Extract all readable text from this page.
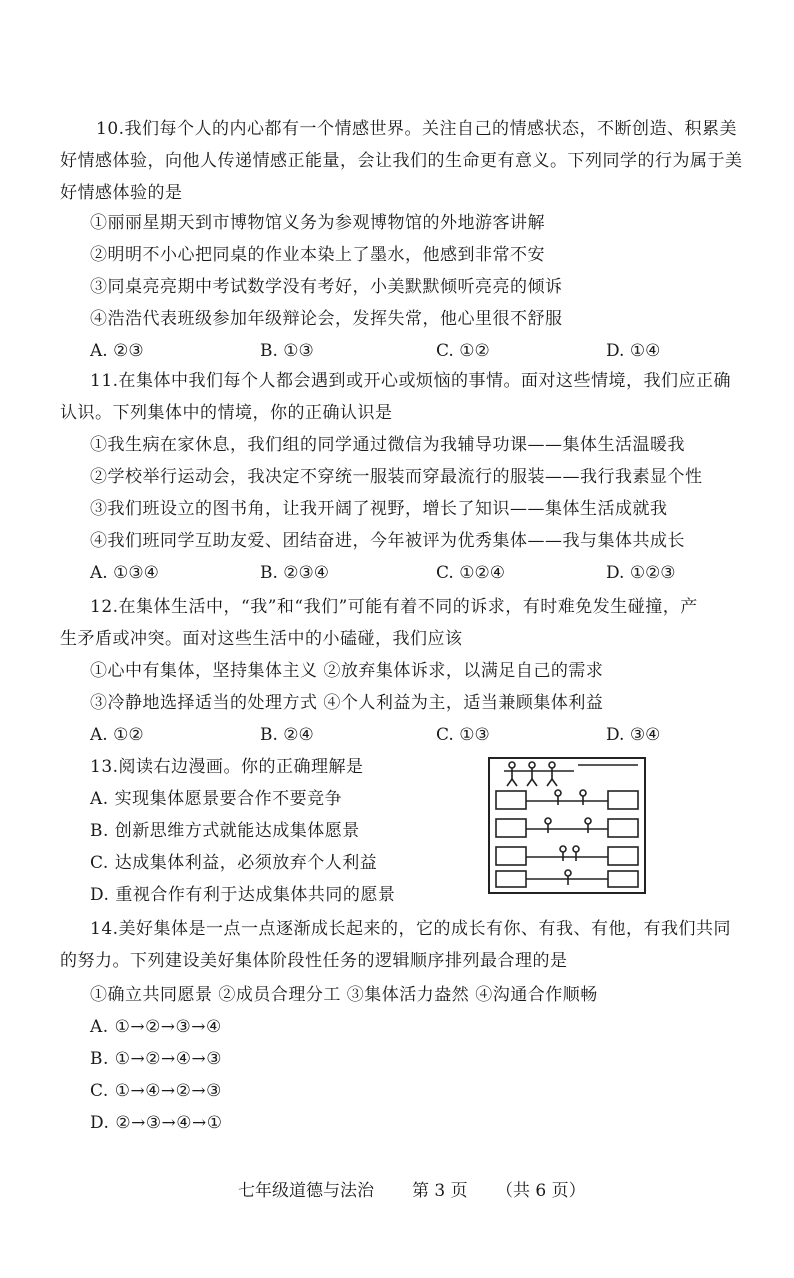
10.我们每个人的内心都有一个情感世界。关注自己的情感状态，不断创造、积累美
好情感体验，向他人传递情感正能量，会让我们的生命更有意义。下列同学的行为属于美
好情感体验的是
①丽丽星期天到市博物馆义务为参观博物馆的外地游客讲解
②明明不小心把同桌的作业本染上了墨水，他感到非常不安
③同桌亮亮期中考试数学没有考好，小美默默倾听亮亮的倾诉
④浩浩代表班级参加年级辩论会，发挥失常，他心里很不舒服
A. ②③	B. ①③	C. ①②	D. ①④
11.在集体中我们每个人都会遇到或开心或烦恼的事情。面对这些情境，我们应正确
认识。下列集体中的情境，你的正确认识是
①我生病在家休息，我们组的同学通过微信为我辅导功课——集体生活温暖我
②学校举行运动会，我决定不穿统一服装而穿最流行的服装——我行我素显个性
③我们班设立的图书角，让我开阔了视野，增长了知识——集体生活成就我
④我们班同学互助友爱、团结奋进，今年被评为优秀集体——我与集体共成长
A. ①③④	B. ②③④	C. ①②④	D. ①②③
12.在集体生活中，“我”和“我们”可能有着不同的诉求，有时难免发生碰撞，产
生矛盾或冲突。面对这些生活中的小磕碰，我们应该
①心中有集体，坚持集体主义 ②放弃集体诉求，以满足自己的需求
③冷静地选择适当的处理方式 ④个人利益为主，适当兼顾集体利益
A. ①②	B. ②④	C. ①③	D. ③④
13.阅读右边漫画。你的正确理解是
A. 实现集体愿景要合作不要竞争
B. 创新思维方式就能达成集体愿景
C. 达成集体利益，必须放弃个人利益
D. 重视合作有利于达成集体共同的愿景
14.美好集体是一点一点逐渐成长起来的，它的成长有你、有我、有他，有我们共同
的努力。下列建设美好集体阶段性任务的逻辑顺序排列最合理的是
①确立共同愿景 ②成员合理分工 ③集体活力盎然 ④沟通合作顺畅
A. ①→②→③→④
B. ①→②→④→③
C. ①→④→②→③
D. ②→③→④→①
七年级道德与法治 第 3 页 （共 6 页）
